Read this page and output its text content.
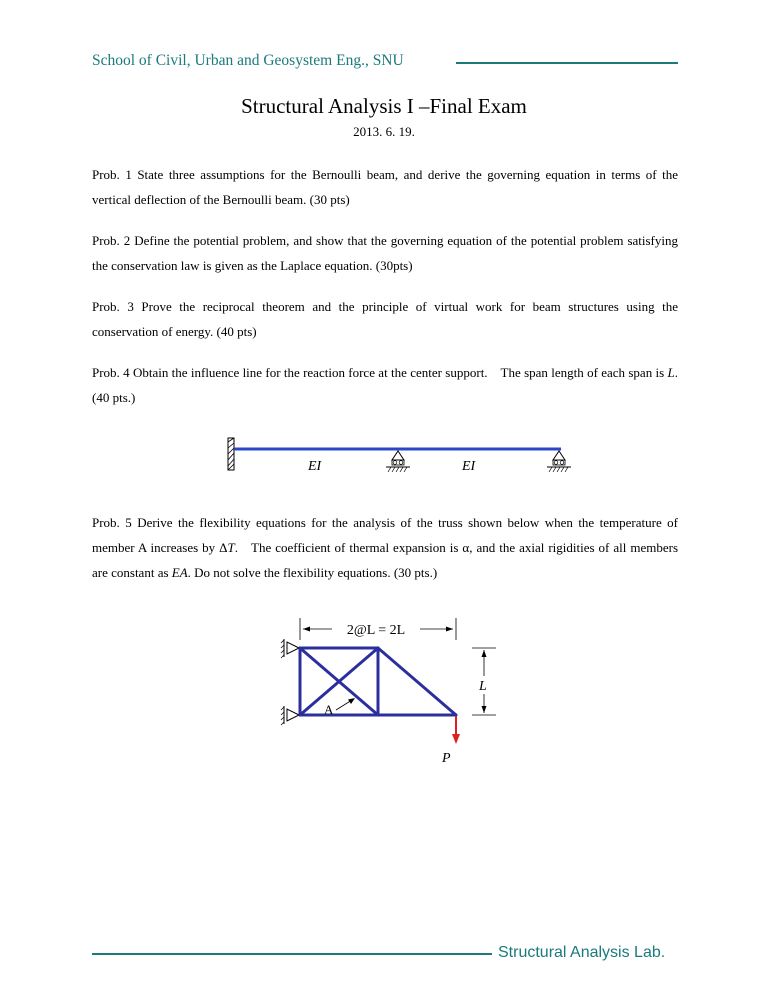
School of Civil, Urban and Geosystem Eng., SNU
Structural Analysis I –Final Exam
2013. 6. 19.
Prob. 1 State three assumptions for the Bernoulli beam, and derive the governing equation in terms of the vertical deflection of the Bernoulli beam. (30 pts)
Prob. 2 Define the potential problem, and show that the governing equation of the potential problem satisfying the conservation law is given as the Laplace equation. (30pts)
Prob. 3 Prove the reciprocal theorem and the principle of virtual work for beam structures using the conservation of energy. (40 pts)
Prob. 4 Obtain the influence line for the reaction force at the center support. The span length of each span is L. (40 pts.)
EI	EI
Prob. 5 Derive the flexibility equations for the analysis of the truss shown below when the temperature of member A increases by ΔT. The coefficient of thermal expansion is α, and the axial rigidities of all members are constant as EA. Do not solve the flexibility equations. (30 pts.)
2@L = 2L
L
A
P
Structural Analysis Lab.
